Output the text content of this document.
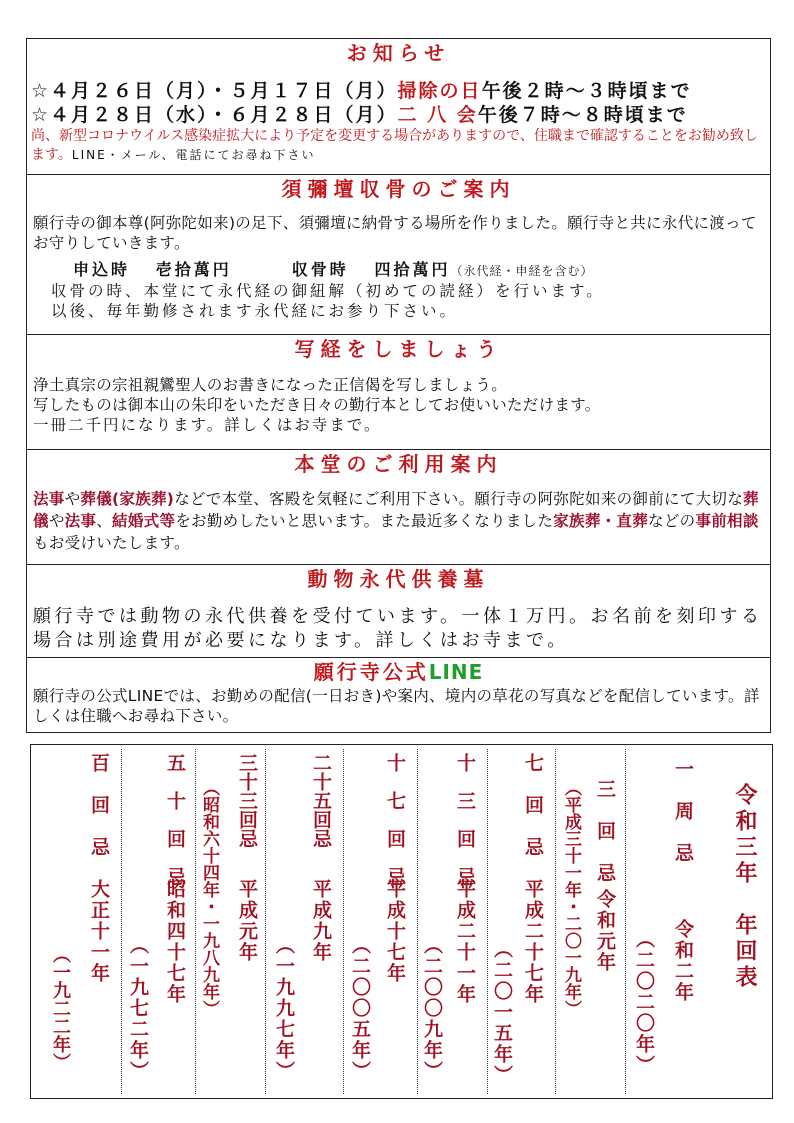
お知らせ
☆４月２６日（月）・５月１７日（月）掃除の日午後２時～３時頃まで
☆４月２８日（水）・６月２８日（月）二 八 会午後７時～８時頃まで
尚、新型コロナウイルス感染症拡大により予定を変更する場合がありますので、住職まで確認することをお勧め致します。LINE・メール、電話にてお尋ね下さい
須彌壇収骨のご案内
願行寺の御本尊(阿弥陀如来)の足下、須彌壇に納骨する場所を作りました。願行寺と共に永代に渡ってお守りしていきます。
申込時 壱拾萬円	収骨時 四拾萬円（永代経・申経を含む）
収骨の時、本堂にて永代経の御紐解（初めての読経）を行います。
以後、毎年勤修されます永代経にお参り下さい。
写経をしましょう
浄土真宗の宗祖親鸞聖人のお書きになった正信偈を写しましょう。
写したものは御本山の朱印をいただき日々の勤行本としてお使いいただけます。
一冊二千円になります。詳しくはお寺まで。
本堂のご利用案内
法事や葬儀(家族葬)などで本堂、客殿を気軽にご利用下さい。願行寺の阿弥陀如来の御前にて大切な葬儀や法事、結婚式等をお勤めしたいと思います。また最近多くなりました家族葬・直葬などの事前相談もお受けいたします。
動物永代供養墓
願行寺では動物の永代供養を受付ています。一体１万円。お名前を刻印する場合は別途費用が必要になります。詳しくはお寺まで。
願行寺公式LINE
願行寺の公式LINEでは、お勤めの配信(一日おき)や案内、境内の草花の写真などを配信しています。詳しくは住職へお尋ね下さい。
令和三年　年回表
一　周　忌
令和二年
（二〇二〇年）
三　回　忌
令和元年
（平成三十一年・二〇一九年）
七　回　忌
平成二十七年
（二〇一五年）
十　三　回　忌
平成二十一年
（二〇〇九年）
十　七　回　忌
平成十七年
（二〇〇五年）
二十五回忌
平成九年
（一九九七年）
三十三回忌
平成元年
（昭和六十四年・一九八九年）
五　十　回　忌
昭和四十七年
（一九七二年）
百　回　忌
大正十一年
（一九二二年）
